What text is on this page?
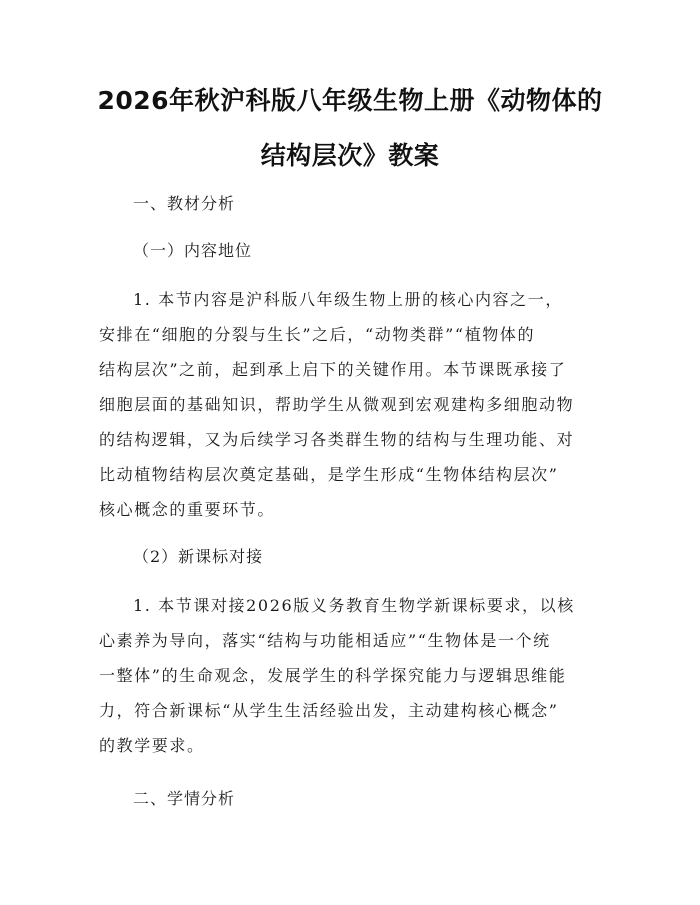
2026年秋沪科版八年级生物上册《动物体的
结构层次》教案
一、教材分析
（一）内容地位
1. 本节内容是沪科版八年级生物上册的核心内容之一，
安排在“细胞的分裂与生长”之后，“动物类群”“植物体的
结构层次”之前，起到承上启下的关键作用。本节课既承接了
细胞层面的基础知识，帮助学生从微观到宏观建构多细胞动物
的结构逻辑，又为后续学习各类群生物的结构与生理功能、对
比动植物结构层次奠定基础，是学生形成“生物体结构层次”
核心概念的重要环节。
（2）新课标对接
1. 本节课对接2026版义务教育生物学新课标要求，以核
心素养为导向，落实“结构与功能相适应”“生物体是一个统
一整体”的生命观念，发展学生的科学探究能力与逻辑思维能
力，符合新课标“从学生生活经验出发，主动建构核心概念”
的教学要求。
二、学情分析
